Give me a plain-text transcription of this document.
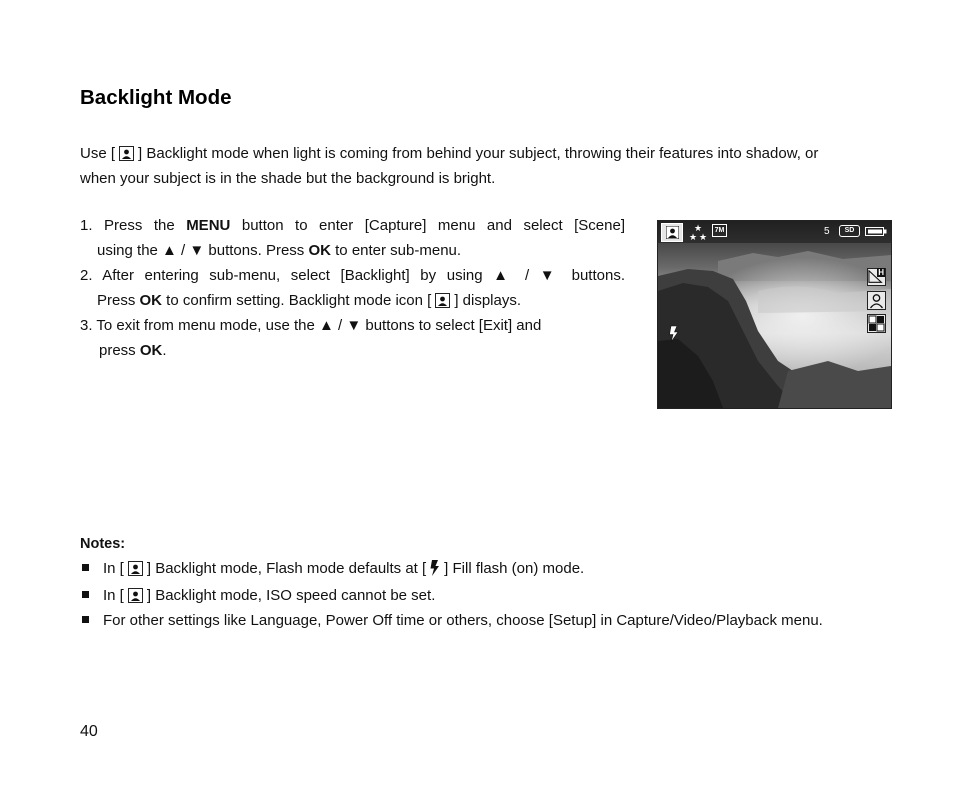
Backlight Mode
Use [ ] Backlight mode when light is coming from behind your subject, throwing their features into shadow, or
when your subject is in the shade but the background is bright.
1. Press the MENU button to enter [Capture] menu and select [Scene]
using the ▲ / ▼ buttons. Press OK to enter sub-menu.
2. After entering sub-menu, select [Backlight] by using ▲ / ▼ buttons.
Press OK to confirm setting. Backlight mode icon [ ] displays.
3. To exit from menu mode, use the ▲ / ▼ buttons to select [Exit] and
press OK.
★
★ ★
7M	5	SD
H
Notes:
In [ ] Backlight mode, Flash mode defaults at [ ] Fill flash (on) mode.
In [ ] Backlight mode, ISO speed cannot be set.
For other settings like Language, Power Off time or others, choose [Setup] in Capture/Video/Playback menu.
40
